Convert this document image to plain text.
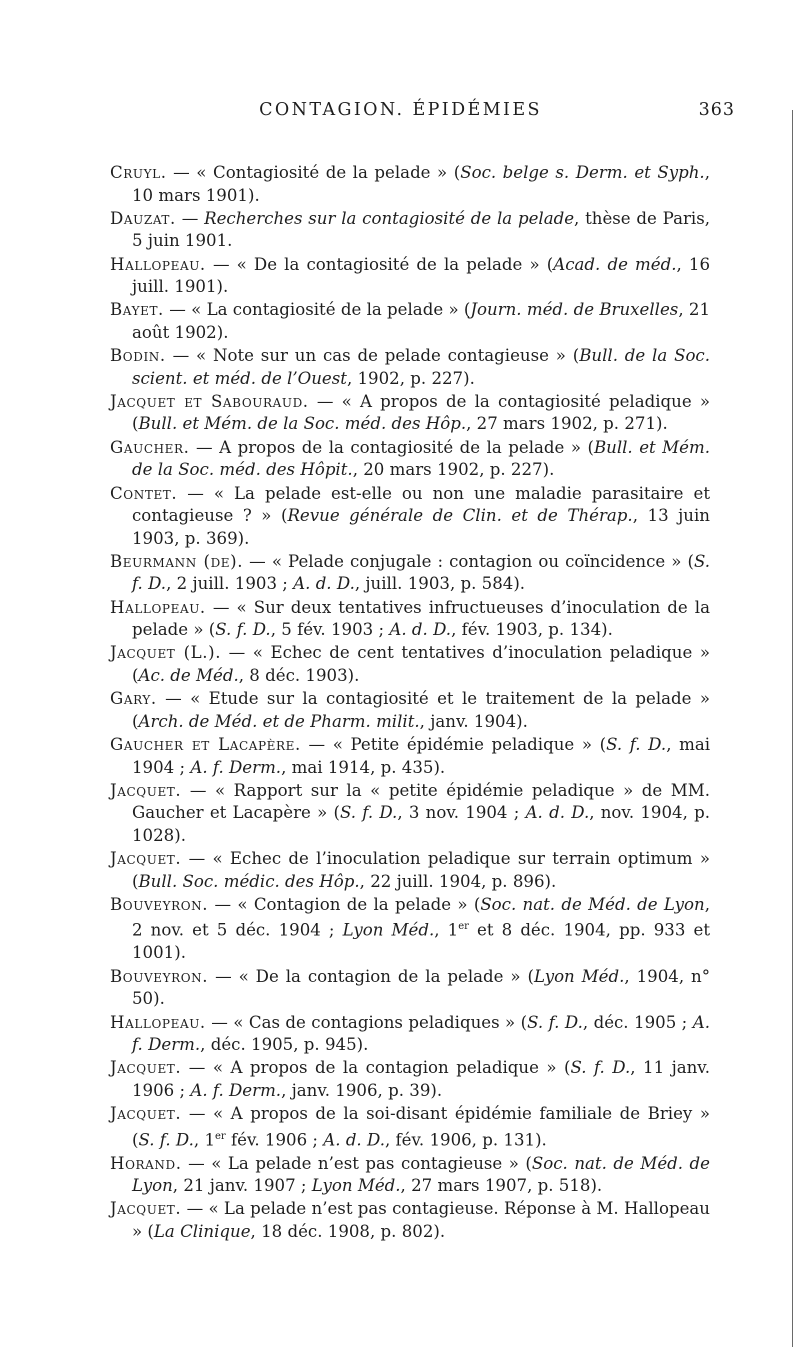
CONTAGION. ÉPIDÉMIES	363

Cruyl. — « Contagiosité de la pelade » (Soc. belge s. Derm. et Syph., 10 mars 1901).

Dauzat. — Recherches sur la contagiosité de la pelade, thèse de Paris, 5 juin 1901.

Hallopeau. — « De la contagiosité de la pelade » (Acad. de méd., 16 juill. 1901).

Bayet. — « La contagiosité de la pelade » (Journ. méd. de Bruxelles, 21 août 1902).

Bodin. — « Note sur un cas de pelade contagieuse » (Bull. de la Soc. scient. et méd. de l’Ouest, 1902, p. 227).

Jacquet et Sabouraud. — « A propos de la contagiosité peladique » (Bull. et Mém. de la Soc. méd. des Hôp., 27 mars 1902, p. 271).

Gaucher. — A propos de la contagiosité de la pelade » (Bull. et Mém. de la Soc. méd. des Hôpit., 20 mars 1902, p. 227).

Contet. — « La pelade est-elle ou non une maladie parasitaire et contagieuse ? » (Revue générale de Clin. et de Thérap., 13 juin 1903, p. 369).

Beurmann (de). — « Pelade conjugale : contagion ou coïncidence » (S. f. D., 2 juill. 1903 ; A. d. D., juill. 1903, p. 584).

Hallopeau. — « Sur deux tentatives infructueuses d’inoculation de la pelade » (S. f. D., 5 fév. 1903 ; A. d. D., fév. 1903, p. 134).

Jacquet (L.). — « Echec de cent tentatives d’inoculation peladique » (Ac. de Méd., 8 déc. 1903).

Gary. — « Etude sur la contagiosité et le traitement de la pelade » (Arch. de Méd. et de Pharm. milit., janv. 1904).

Gaucher et Lacapère. — « Petite épidémie peladique » (S. f. D., mai 1904 ; A. f. Derm., mai 1914, p. 435).

Jacquet. — « Rapport sur la « petite épidémie peladique » de MM. Gaucher et Lacapère » (S. f. D., 3 nov. 1904 ; A. d. D., nov. 1904, p. 1028).

Jacquet. — « Echec de l’inoculation peladique sur terrain optimum » (Bull. Soc. médic. des Hôp., 22 juill. 1904, p. 896).

Bouveyron. — « Contagion de la pelade » (Soc. nat. de Méd. de Lyon, 2 nov. et 5 déc. 1904 ; Lyon Méd., 1er et 8 déc. 1904, pp. 933 et 1001).

Bouveyron. — « De la contagion de la pelade » (Lyon Méd., 1904, n° 50).

Hallopeau. — « Cas de contagions peladiques » (S. f. D., déc. 1905 ; A. f. Derm., déc. 1905, p. 945).

Jacquet. — « A propos de la contagion peladique » (S. f. D., 11 janv. 1906 ; A. f. Derm., janv. 1906, p. 39).

Jacquet. — « A propos de la soi-disant épidémie familiale de Briey » (S. f. D., 1er fév. 1906 ; A. d. D., fév. 1906, p. 131).

Horand. — « La pelade n’est pas contagieuse » (Soc. nat. de Méd. de Lyon, 21 janv. 1907 ; Lyon Méd., 27 mars 1907, p. 518).

Jacquet. — « La pelade n’est pas contagieuse. Réponse à M. Hallopeau » (La Clinique, 18 déc. 1908, p. 802).
